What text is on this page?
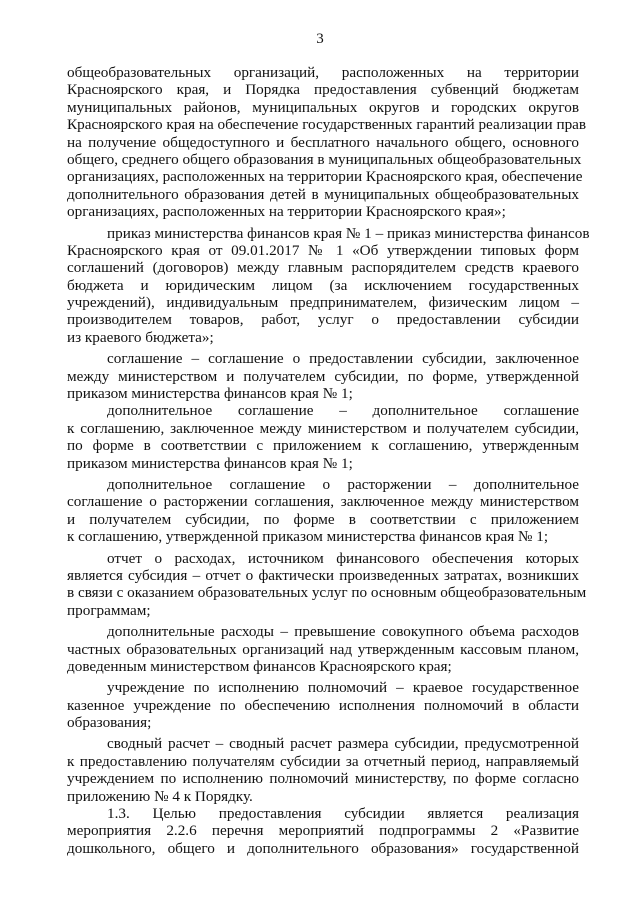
3
общеобразовательных организаций, расположенных на территории
Красноярского края, и Порядка предоставления субвенций бюджетам
муниципальных районов, муниципальных округов и городских округов
Красноярского края на обеспечение государственных гарантий реализации прав
на получение общедоступного и бесплатного начального общего, основного
общего, среднего общего образования в муниципальных общеобразовательных
организациях, расположенных на территории Красноярского края, обеспечение
дополнительного образования детей в муниципальных общеобразовательных
организациях, расположенных на территории Красноярского края»;
приказ министерства финансов края № 1 – приказ министерства финансов
Красноярского края от 09.01.2017 № 1 «Об утверждении типовых форм
соглашений (договоров) между главным распорядителем средств краевого
бюджета и юридическим лицом (за исключением государственных
учреждений), индивидуальным предпринимателем, физическим лицом –
производителем товаров, работ, услуг о предоставлении субсидии
из краевого бюджета»;
соглашение – соглашение о предоставлении субсидии, заключенное
между министерством и получателем субсидии, по форме, утвержденной
приказом министерства финансов края № 1;
дополнительное соглашение – дополнительное соглашение
к соглашению, заключенное между министерством и получателем субсидии,
по форме в соответствии с приложением к соглашению, утвержденным
приказом министерства финансов края № 1;
дополнительное соглашение о расторжении – дополнительное
соглашение о расторжении соглашения, заключенное между министерством
и получателем субсидии, по форме в соответствии с приложением
к соглашению, утвержденной приказом министерства финансов края № 1;
отчет о расходах, источником финансового обеспечения которых
является субсидия – отчет о фактически произведенных затратах, возникших
в связи с оказанием образовательных услуг по основным общеобразовательным
программам;
дополнительные расходы – превышение совокупного объема расходов
частных образовательных организаций над утвержденным кассовым планом,
доведенным министерством финансов Красноярского края;
учреждение по исполнению полномочий – краевое государственное
казенное учреждение по обеспечению исполнения полномочий в области
образования;
сводный расчет – сводный расчет размера субсидии, предусмотренной
к предоставлению получателям субсидии за отчетный период, направляемый
учреждением по исполнению полномочий министерству, по форме согласно
приложению № 4 к Порядку.
1.3. Целью предоставления субсидии является реализация
мероприятия 2.2.6 перечня мероприятий подпрограммы 2 «Развитие
дошкольного, общего и дополнительного образования» государственной
